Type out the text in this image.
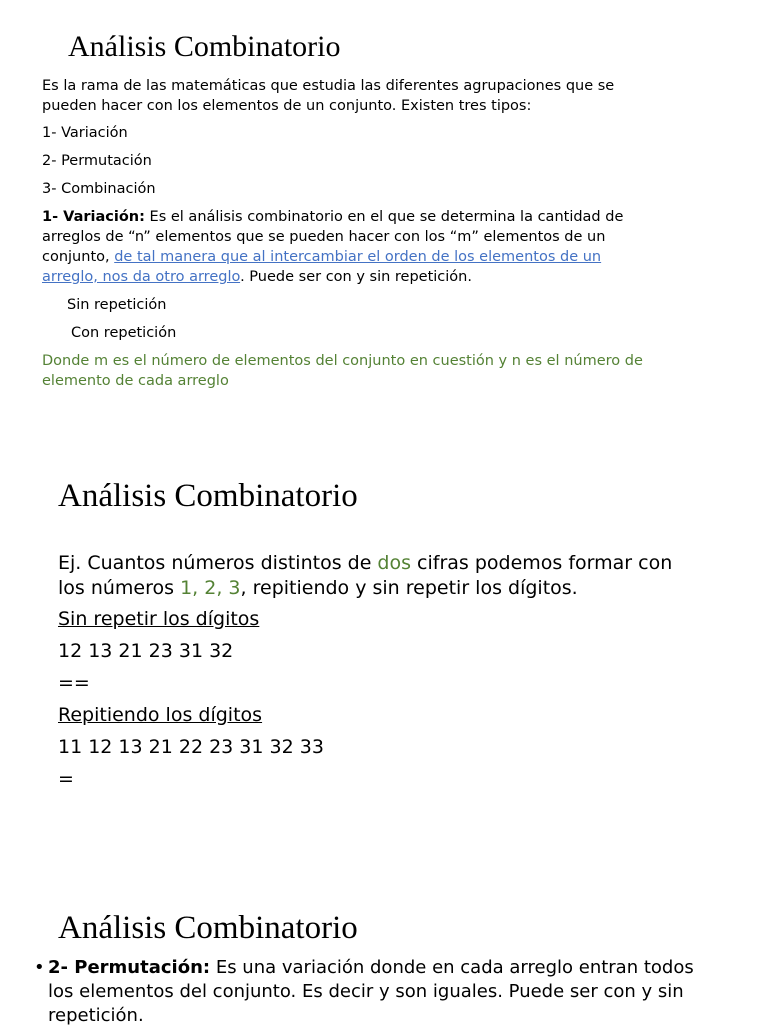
Análisis Combinatorio

Es la rama de las matemáticas que estudia las diferentes agrupaciones que se pueden hacer con los elementos de un conjunto. Existen tres tipos:

1- Variación

2- Permutación

3- Combinación

1- Variación: Es el análisis combinatorio en el que se determina la cantidad de arreglos de “n” elementos que se pueden hacer con los “m” elementos de un conjunto, de tal manera que al intercambiar el orden de los elementos de un arreglo, nos da otro arreglo. Puede ser con y sin repetición.

Sin repetición

Con repetición

Donde m es el número de elementos del conjunto en cuestión y n es el número de elemento de cada arreglo

Análisis Combinatorio

Ej. Cuantos números distintos de dos cifras podemos formar con los números 1, 2, 3, repitiendo y sin repetir los dígitos.

Sin repetir los dígitos

12 13 21 23 31 32

==

Repitiendo los dígitos

11 12 13 21 22 23 31 32 33

=

Análisis Combinatorio
• 2- Permutación: Es una variación donde en cada arreglo entran todos los elementos del conjunto. Es decir y son iguales. Puede ser con y sin repetición.
